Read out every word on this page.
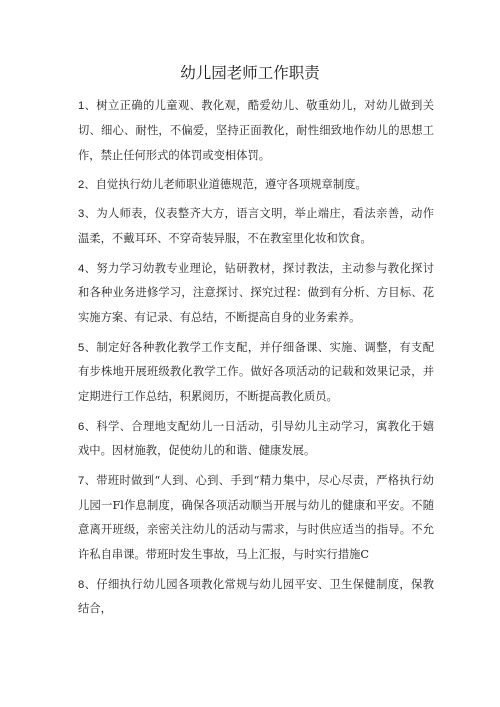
幼儿园老师工作职责

1、树立正确的儿童观、教化观，酷爱幼儿、敬重幼儿，对幼儿做到关切、细心、耐性，不偏爱，坚持正面教化，耐性细致地作幼儿的思想工作，禁止任何形式的体罚或变相体罚。

2、自觉执行幼儿老师职业道德规范，遵守各项规章制度。

3、为人师表，仪表整齐大方，语言文明，举止端庄，看法亲善，动作温柔，不戴耳环、不穿奇装异服，不在教室里化妆和饮食。

4、努力学习幼教专业理论，钻研教材，探讨教法，主动参与教化探讨和各种业务进修学习，注意探讨、探究过程：做到有分析、方目标、花实施方案、有记录、有总结，不断提高自身的业务索养。

5、制定好各种教化教学工作支配，并仔细备课、实施、调整，有支配有步株地开展班级教化教学工作。做好各项活动的记载和效果记录，并定期进行工作总结，积累阅历，不断提高教化质员。

6、科学、合理地支配幼儿一日活动，引导幼儿主动学习，寓教化于嬉戏中。因材施教，促使幼儿的和谐、健康发展。

7、带班时做到“人到、心到、手到“精力集中，尽心尽责，严格执行幼儿园一Fl作息制度，确保各项活动顺当开展与幼儿的健康和平安。不随意离开班级，亲密关注幼儿的活动与需求，与时供应适当的指导。不允许私自串课。带班时发生事故，马上汇报，与时实行措施C

8、仔细执行幼儿园各项教化常规与幼儿园平安、卫生保健制度，保教结合，
